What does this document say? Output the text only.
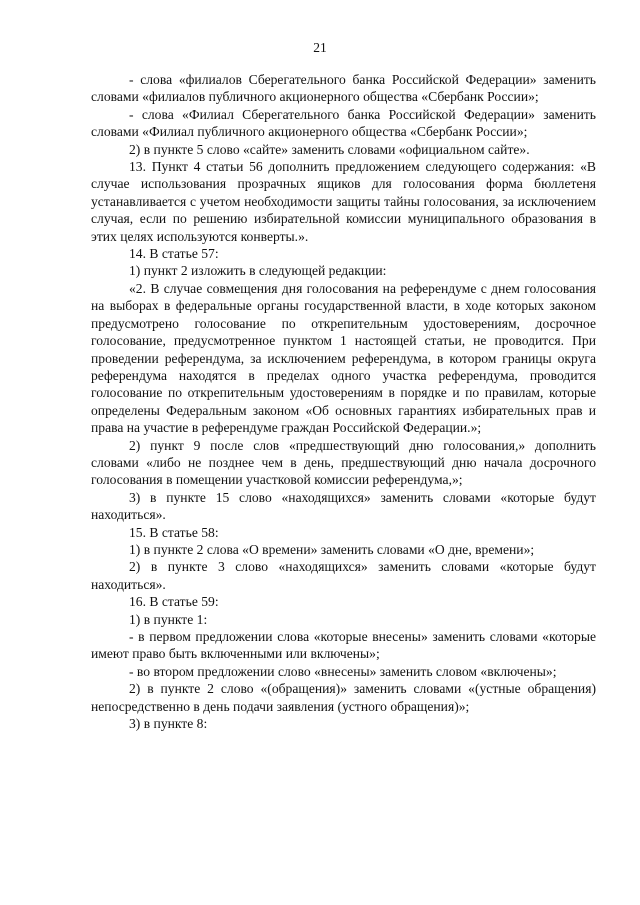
21

- слова «филиалов Сберегательного банка Российской Федерации» заменить словами «филиалов публичного акционерного общества «Сбербанк России»;

- слова «Филиал Сберегательного банка Российской Федерации» заменить словами «Филиал публичного акционерного общества «Сбербанк России»;

2) в пункте 5 слово «сайте» заменить словами «официальном сайте».

13. Пункт 4 статьи 56 дополнить предложением следующего содержания: «В случае использования прозрачных ящиков для голосования форма бюллетеня устанавливается с учетом необходимости защиты тайны голосования, за исключением случая, если по решению избирательной комиссии муниципального образования в этих целях используются конверты.».

14. В статье 57:

1) пункт 2 изложить в следующей редакции:

«2. В случае совмещения дня голосования на референдуме с днем голосования на выборах в федеральные органы государственной власти, в ходе которых законом предусмотрено голосование по открепительным удостоверениям, досрочное голосование, предусмотренное пунктом 1 настоящей статьи, не проводится. При проведении референдума, за исключением референдума, в котором границы округа референдума находятся в пределах одного участка референдума, проводится голосование по открепительным удостоверениям в порядке и по правилам, которые определены Федеральным законом «Об основных гарантиях избирательных прав и права на участие в референдуме граждан Российской Федерации.»;

2) пункт 9 после слов «предшествующий дню голосования,» дополнить словами «либо не позднее чем в день, предшествующий дню начала досрочного голосования в помещении участковой комиссии референдума,»;

3) в пункте 15 слово «находящихся» заменить словами «которые будут находиться».

15. В статье 58:

1) в пункте 2 слова «О времени» заменить словами «О дне, времени»;

2) в пункте 3 слово «находящихся» заменить словами «которые будут находиться».

16. В статье 59:

1) в пункте 1:

- в первом предложении слова «которые внесены» заменить словами «которые имеют право быть включенными или включены»;

- во втором предложении слово «внесены» заменить словом «включены»;

2) в пункте 2 слово «(обращения)» заменить словами «(устные обращения) непосредственно в день подачи заявления (устного обращения)»;

3) в пункте 8:
